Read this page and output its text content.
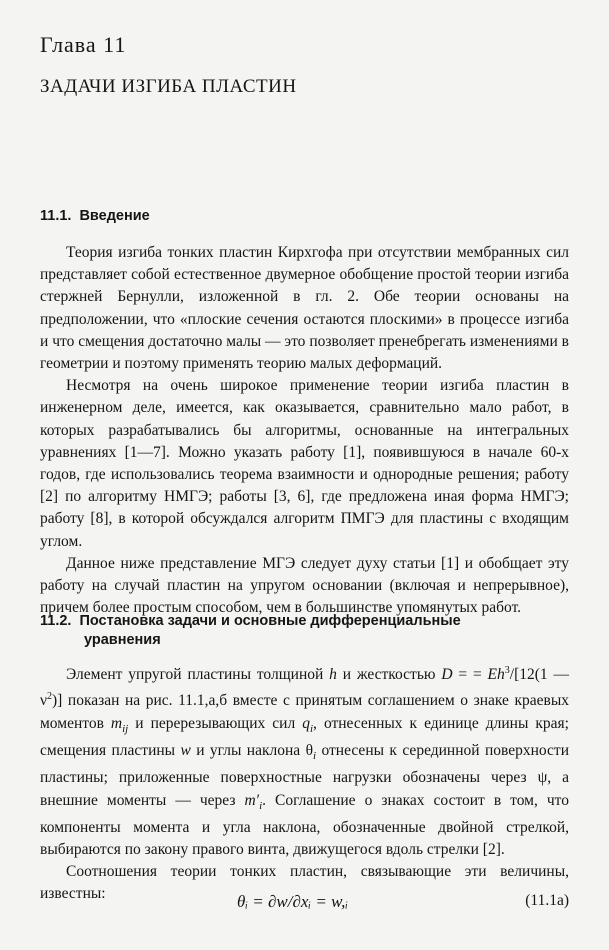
Глава 11
ЗАДАЧИ ИЗГИБА ПЛАСТИН
11.1. Введение

Теория изгиба тонких пластин Кирхгофа при отсутствии мембранных сил представляет собой естественное двумерное обобщение простой теории изгиба стержней Бернулли, изложенной в гл. 2. Обе теории основаны на предположении, что «плоские сечения остаются плоскими» в процессе изгиба и что смещения достаточно малы — это позволяет пренебрегать изменениями в геометрии и поэтому применять теорию малых деформаций.

Несмотря на очень широкое применение теории изгиба пластин в инженерном деле, имеется, как оказывается, сравнительно мало работ, в которых разрабатывались бы алгоритмы, основанные на интегральных уравнениях [1—7]. Можно указать работу [1], появившуюся в начале 60-х годов, где использовались теорема взаимности и однородные решения; работу [2] по алгоритму НМГЭ; работы [3, 6], где предложена иная форма НМГЭ; работу [8], в которой обсуждался алгоритм ПМГЭ для пластины с входящим углом.

Данное ниже представление МГЭ следует духу статьи [1] и обобщает эту работу на случай пластин на упругом основании (включая и непрерывное), причем более простым способом, чем в большинстве упомянутых работ.

11.2. Постановка задачи и основные дифференциальные
уравнения

Элемент упругой пластины толщиной h и жесткостью D = = $Eh^3/[12(1$ — $\nu^2$)] показан на рис. 11.1,а,б вместе с принятым соглашением о знаке краевых моментов $m_{ij}$ и перерезывающих сил $q_i$, отнесенных к единице длины края; смещения пластины w и углы наклона $\theta_i$ отнесены к серединной поверхности пластины; приложенные поверхностные нагрузки обозначены через ψ, а внешние моменты — через $m'_i$. Соглашение о знаках состоит в том, что компоненты момента и угла наклона, обозначенные двойной стрелкой, выбираются по закону правого винта, движущегося вдоль стрелки [2].

Соотношения теории тонких пластин, связывающие эти величины, известны:	θᵢ = ∂w/∂xᵢ = w,ᵢ	(11.1a)
